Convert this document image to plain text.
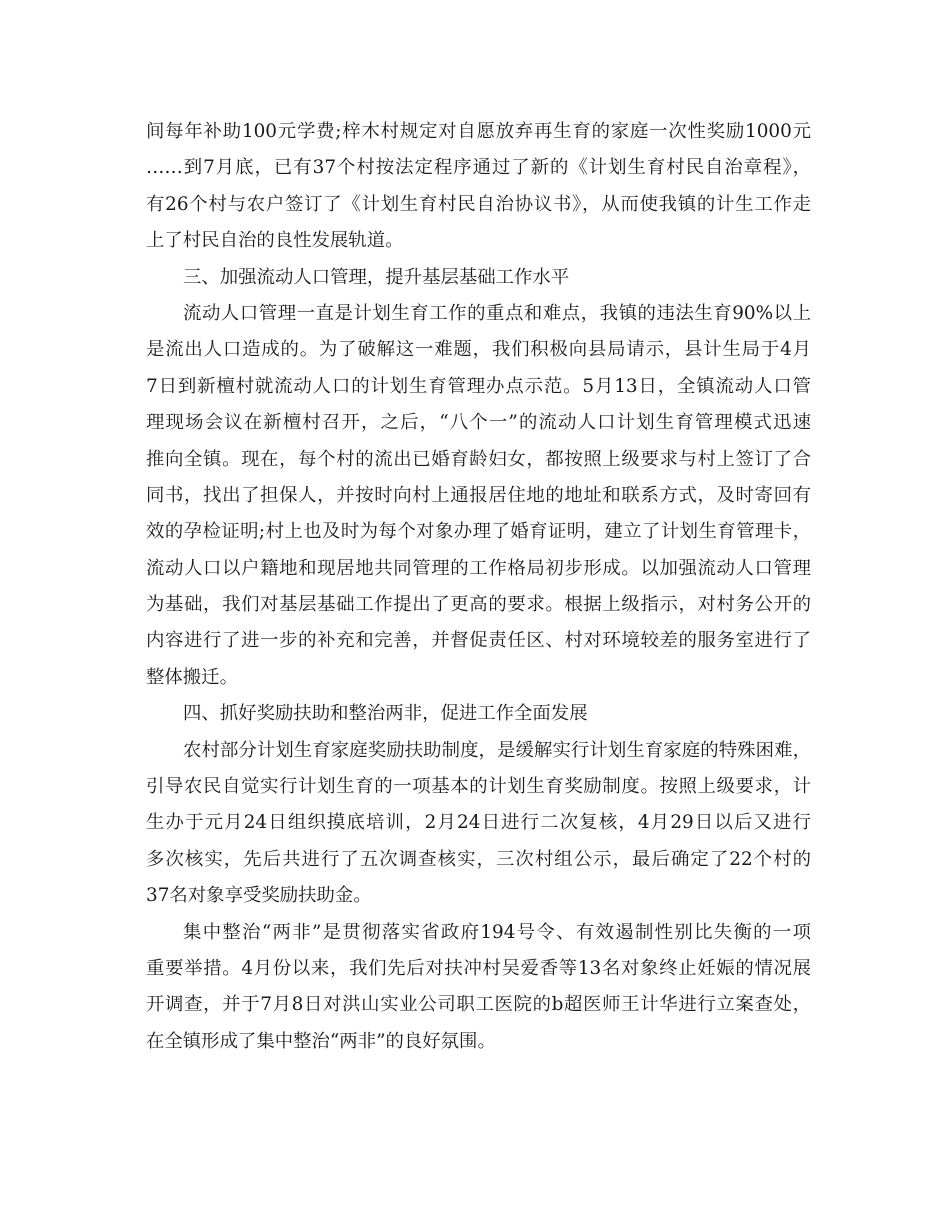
间每年补助100元学费;梓木村规定对自愿放弃再生育的家庭一次性奖励1000元
……到7月底，已有37个村按法定程序通过了新的《计划生育村民自治章程》，
有26个村与农户签订了《计划生育村民自治协议书》，从而使我镇的计生工作走
上了村民自治的良性发展轨道。
三、加强流动人口管理，提升基层基础工作水平
流动人口管理一直是计划生育工作的重点和难点，我镇的违法生育90%以上
是流出人口造成的。为了破解这一难题，我们积极向县局请示，县计生局于4月
7日到新檀村就流动人口的计划生育管理办点示范。5月13日，全镇流动人口管
理现场会议在新檀村召开，之后，“八个一”的流动人口计划生育管理模式迅速
推向全镇。现在，每个村的流出已婚育龄妇女，都按照上级要求与村上签订了合
同书，找出了担保人，并按时向村上通报居住地的地址和联系方式，及时寄回有
效的孕检证明;村上也及时为每个对象办理了婚育证明，建立了计划生育管理卡，
流动人口以户籍地和现居地共同管理的工作格局初步形成。以加强流动人口管理
为基础，我们对基层基础工作提出了更高的要求。根据上级指示，对村务公开的
内容进行了进一步的补充和完善，并督促责任区、村对环境较差的服务室进行了
整体搬迁。
四、抓好奖励扶助和整治两非，促进工作全面发展
农村部分计划生育家庭奖励扶助制度，是缓解实行计划生育家庭的特殊困难，
引导农民自觉实行计划生育的一项基本的计划生育奖励制度。按照上级要求，计
生办于元月24日组织摸底培训，2月24日进行二次复核，4月29日以后又进行
多次核实，先后共进行了五次调查核实，三次村组公示，最后确定了22个村的
37名对象享受奖励扶助金。
集中整治“两非”是贯彻落实省政府194号令、有效遏制性别比失衡的一项
重要举措。4月份以来，我们先后对扶冲村吴爱香等13名对象终止妊娠的情况展
开调查，并于7月8日对洪山实业公司职工医院的b超医师王计华进行立案查处，
在全镇形成了集中整治“两非”的良好氛围。
